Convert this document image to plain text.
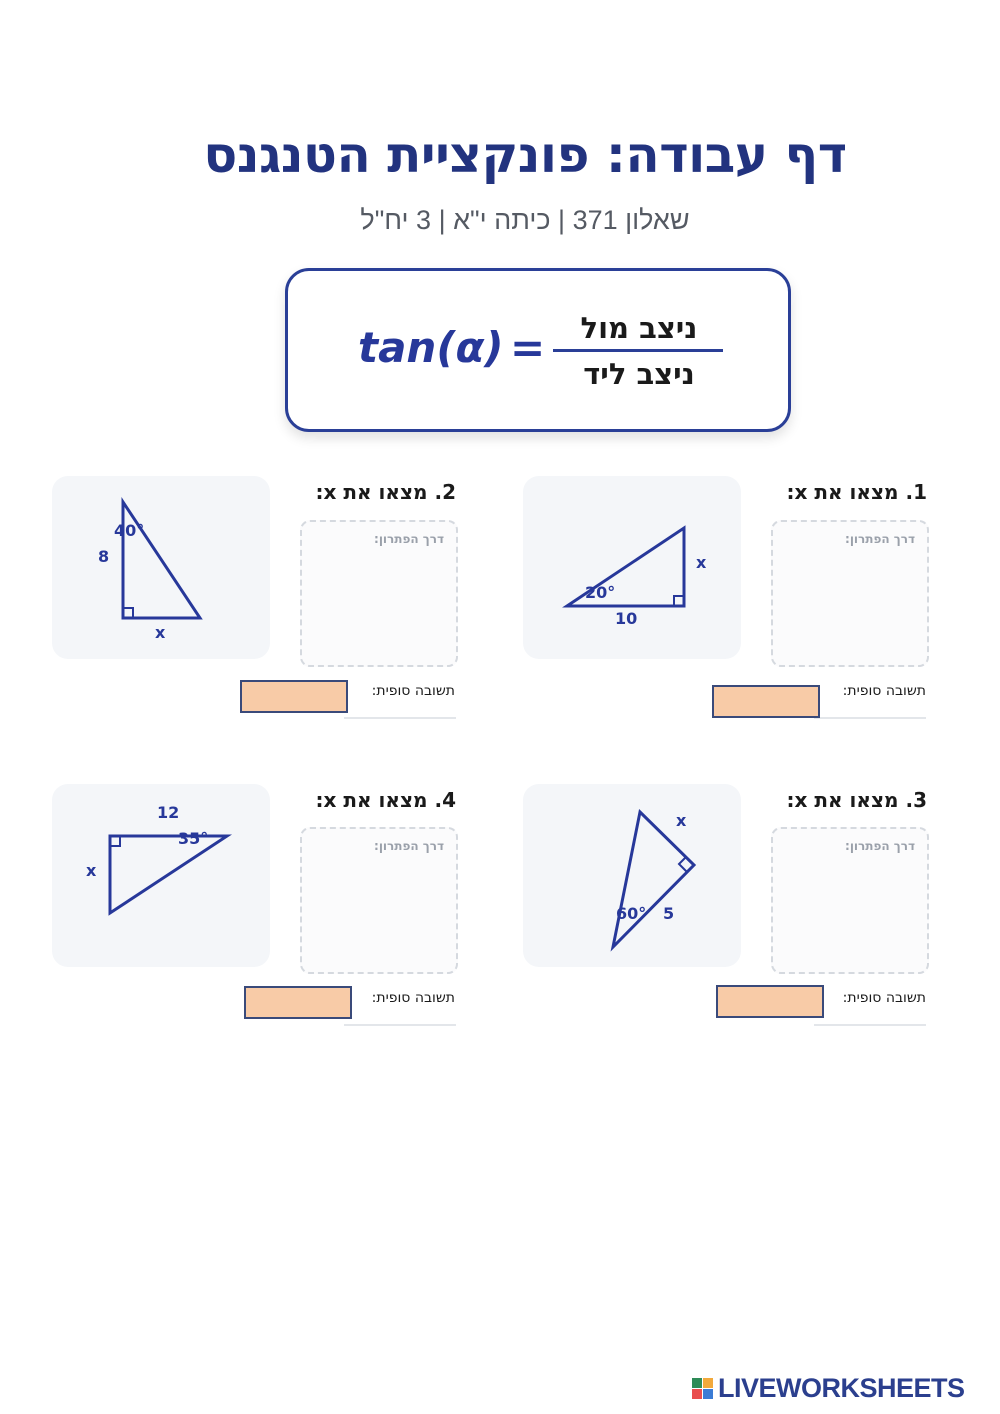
דף עבודה: פונקציית הטנגנס
שאלון 371 | כיתה י"א | 3 יח"ל
tan(α) =	ניצב מול
ניצב ליד
1. מצאו את x:
דרך הפתרון:
20°
10
x
תשובה סופית:
2. מצאו את x:
דרך הפתרון:
40°
8
x
תשובה סופית:
3. מצאו את x:
דרך הפתרון:
x
60° 5
תשובה סופית:
4. מצאו את x:
דרך הפתרון:
12
35°
x
תשובה סופית:
LIVEWORKSHEETS
